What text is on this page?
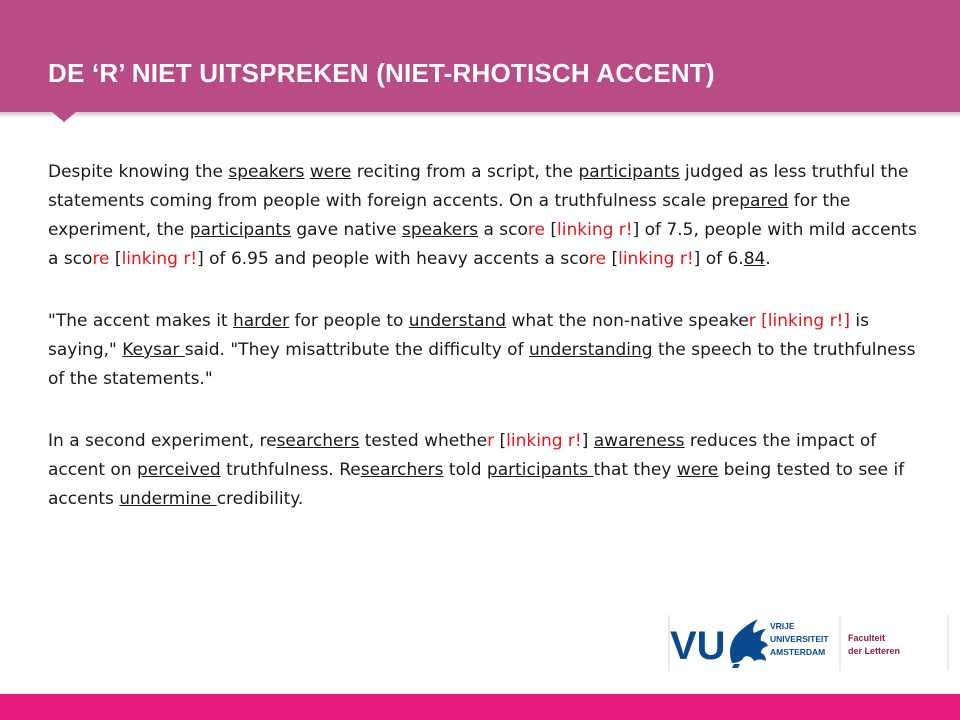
DE ‘R’ NIET UITSPREKEN (NIET-RHOTISCH ACCENT)

Despite knowing the speakers were reciting from a script, the participants judged as less truthful the statements coming from people with foreign accents. On a truthfulness scale prepared for the experiment, the participants gave native speakers a score [linking r!] of 7.5, people with mild accents a score [linking r!] of 6.95 and people with heavy accents a score [linking r!] of 6.84.

"The accent makes it harder for people to understand what the non-native speaker [linking r!] is saying," Keysar said. "They misattribute the difficulty of understanding the speech to the truthfulness of the statements."

In a second experiment, researchers tested whether [linking r!] awareness reduces the impact of accent on perceived truthfulness. Researchers told participants that they were being tested to see if accents undermine credibility.

VU	VRIJE UNIVERSITEIT AMSTERDAM
Faculteit der Letteren
